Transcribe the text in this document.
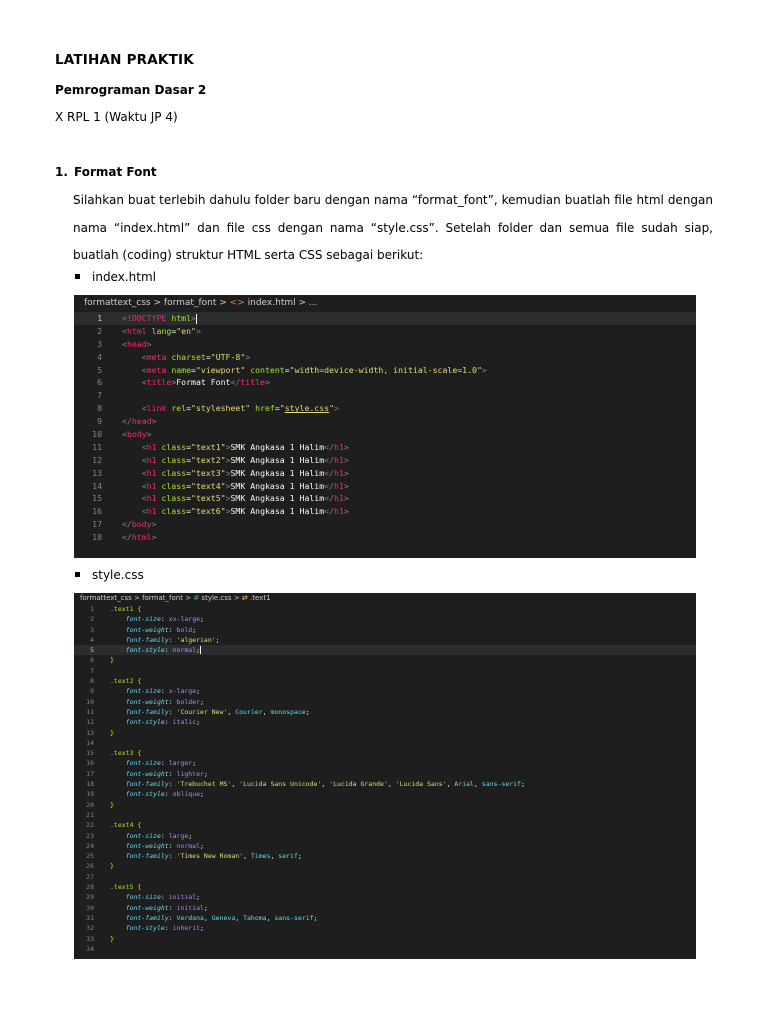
LATIHAN PRAKTIK
Pemrograman Dasar 2
X RPL 1 (Waktu JP 4)
1. Format Font
Silahkan buat terlebih dahulu folder baru dengan nama “format_font”, kemudian buatlah file html dengan nama “index.html” dan file css dengan nama “style.css”. Setelah folder dan semua file sudah siap, buatlah (coding) struktur HTML serta CSS sebagai berikut:
index.html
formattext_css > format_font > <> index.html > ...
1 <!DOCTYPE html>
2 <html lang="en">
3 <head>
4    <meta charset="UTF-8">
5    <meta name="viewport" content="width=device-width, initial-scale=1.0">
6    <title>Format Font</title>
7
8    <link rel="stylesheet" href="style.css">
9 </head>
10 <body>
11    <h1 class="text1">SMK Angkasa 1 Halim</h1>
12    <h1 class="text2">SMK Angkasa 1 Halim</h1>
13    <h1 class="text3">SMK Angkasa 1 Halim</h1>
14    <h1 class="text4">SMK Angkasa 1 Halim</h1>
15    <h1 class="text5">SMK Angkasa 1 Halim</h1>
16    <h1 class="text6">SMK Angkasa 1 Halim</h1>
17 </body>
18 </html>
style.css
formattext_css > format_font > # style.css > ⇄ .text1
1 .text1 {
2	font-size: xx-large;
3	font-weight: bold;
4	font-family: 'algerian';
5	font-style: normal;
6 }
7
8 .text2 {
9	font-size: x-large;
10	font-weight: bolder;
11	font-family: 'Courier New', Courier, monospace;
12	font-style: italic;
13 }
14
15 .text3 {
16	font-size: larger;
17	font-weight: lighter;
18	font-family: 'Trebuchet MS', 'Lucida Sans Unicode', 'Lucida Grande', 'Lucida Sans', Arial, sans-serif;
19	font-style: oblique;
20 }
21
22 .text4 {
23	font-size: large;
24	font-weight: normal;
25	font-family: 'Times New Roman', Times, serif;
26 }
27
28 .text5 {
29	font-size: initial;
30	font-weight: initial;
31	font-family: Verdana, Geneva, Tahoma, sans-serif;
32	font-style: inherit;
33 }
34
